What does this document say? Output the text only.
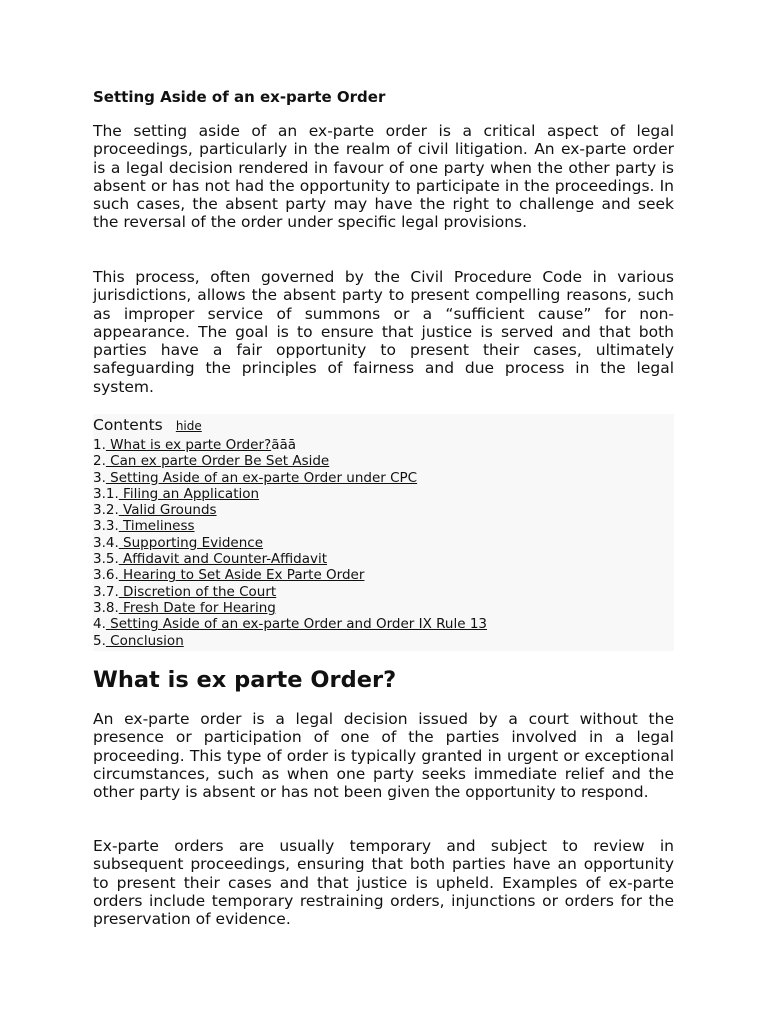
Setting Aside of an ex-parte Order

The setting aside of an ex-parte order is a critical aspect of legal proceedings, particularly in the realm of civil litigation. An ex-parte order is a legal decision rendered in favour of one party when the other party is absent or has not had the opportunity to participate in the proceedings. In such cases, the absent party may have the right to challenge and seek the reversal of the order under specific legal provisions.

This process, often governed by the Civil Procedure Code in various jurisdictions, allows the absent party to present compelling reasons, such as improper service of summons or a “sufficient cause” for non-appearance. The goal is to ensure that justice is served and that both parties have a fair opportunity to present their cases, ultimately safeguarding the principles of fairness and due process in the legal system.

Contents hide
1. What is ex parte Order?ãāā
2. Can ex parte Order Be Set Aside
3. Setting Aside of an ex-parte Order under CPC
3.1. Filing an Application
3.2. Valid Grounds
3.3. Timeliness
3.4. Supporting Evidence
3.5. Affidavit and Counter-Affidavit
3.6. Hearing to Set Aside Ex Parte Order
3.7. Discretion of the Court
3.8. Fresh Date for Hearing
4. Setting Aside of an ex-parte Order and Order IX Rule 13
5. Conclusion
What is ex parte Order?

An ex-parte order is a legal decision issued by a court without the presence or participation of one of the parties involved in a legal proceeding. This type of order is typically granted in urgent or exceptional circumstances, such as when one party seeks immediate relief and the other party is absent or has not been given the opportunity to respond.

Ex-parte orders are usually temporary and subject to review in subsequent proceedings, ensuring that both parties have an opportunity to present their cases and that justice is upheld. Examples of ex-parte orders include temporary restraining orders, injunctions or orders for the preservation of evidence.
